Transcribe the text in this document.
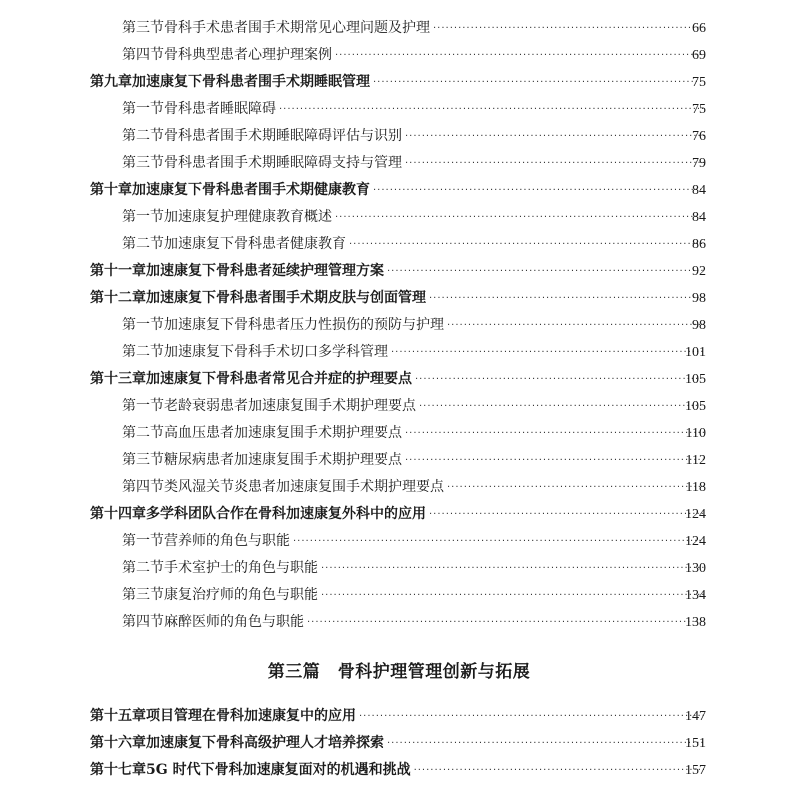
第三节 骨科手术患者围手术期常见心理问题及护理 ·····	66
第四节 骨科典型患者心理护理案例 ·····	69
第九章 加速康复下骨科患者围手术期睡眠管理 ·····	75
第一节 骨科患者睡眠障碍 ·····	75
第二节 骨科患者围手术期睡眠障碍评估与识别 ·····	76
第三节 骨科患者围手术期睡眠障碍支持与管理 ·····	79
第十章 加速康复下骨科患者围手术期健康教育 ·····	84
第一节 加速康复护理健康教育概述 ·····	84
第二节 加速康复下骨科患者健康教育 ·····	86
第十一章 加速康复下骨科患者延续护理管理方案 ·····	92
第十二章 加速康复下骨科患者围手术期皮肤与创面管理 ·····	98
第一节 加速康复下骨科患者压力性损伤的预防与护理 ·····	98
第二节 加速康复下骨科手术切口多学科管理 ·····	101
第十三章 加速康复下骨科患者常见合并症的护理要点 ·····	105
第一节 老龄衰弱患者加速康复围手术期护理要点 ·····	105
第二节 高血压患者加速康复围手术期护理要点 ·····	110
第三节 糖尿病患者加速康复围手术期护理要点 ·····	112
第四节 类风湿关节炎患者加速康复围手术期护理要点 ·····	118
第十四章 多学科团队合作在骨科加速康复外科中的应用 ·····	124
第一节 营养师的角色与职能 ·····	124
第二节 手术室护士的角色与职能 ·····	130
第三节 康复治疗师的角色与职能 ·····	134
第四节 麻醉医师的角色与职能 ·····	138
第三篇　骨科护理管理创新与拓展
第十五章 项目管理在骨科加速康复中的应用 ·····	147
第十六章 加速康复下骨科高级护理人才培养探索 ·····	151
第十七章 5G 时代下骨科加速康复面对的机遇和挑战 ·····	157
